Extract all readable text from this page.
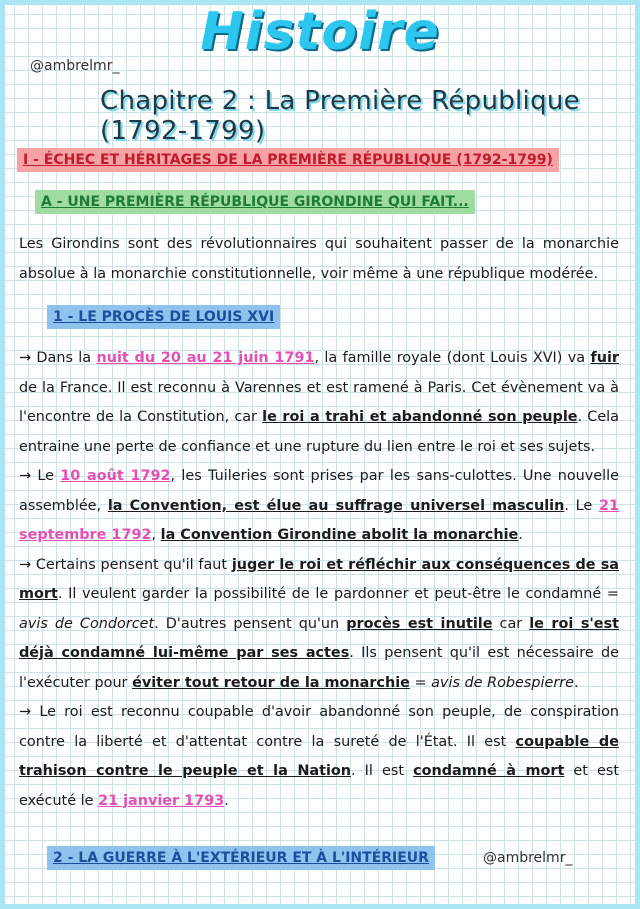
@ambrelmr_
Histoire
Chapitre 2 : La Première République (1792-1799)
I - ÉCHEC ET HÉRITAGES DE LA PREMIÈRE RÉPUBLIQUE (1792-1799)
A - UNE PREMIÈRE RÉPUBLIQUE GIRONDINE QUI FAIT...
Les Girondins sont des révolutionnaires qui souhaitent passer de la monarchie absolue à la monarchie constitutionnelle, voir même à une république modérée.
1 - LE PROCÈS DE LOUIS XVI
→ Dans la nuit du 20 au 21 juin 1791, la famille royale (dont Louis XVI) va fuir de la France. Il est reconnu à Varennes et est ramené à Paris. Cet évènement va à l'encontre de la Constitution, car le roi a trahi et abandonné son peuple. Cela entraine une perte de confiance et une rupture du lien entre le roi et ses sujets.
→ Le 10 août 1792, les Tuileries sont prises par les sans-culottes. Une nouvelle assemblée, la Convention, est élue au suffrage universel masculin. Le 21 septembre 1792, la Convention Girondine abolit la monarchie.
→ Certains pensent qu'il faut juger le roi et réfléchir aux conséquences de sa mort. Il veulent garder la possibilité de le pardonner et peut-être le condamné = avis de Condorcet. D'autres pensent qu'un procès est inutile car le roi s'est déjà condamné lui-même par ses actes. Ils pensent qu'il est nécessaire de l'exécuter pour éviter tout retour de la monarchie = avis de Robespierre.
→ Le roi est reconnu coupable d'avoir abandonné son peuple, de conspiration contre la liberté et d'attentat contre la sureté de l'État. Il est coupable de trahison contre le peuple et la Nation. Il est condamné à mort et est exécuté le 21 janvier 1793.
2 - LA GUERRE À L'EXTÉRIEUR ET À L'INTÉRIEUR	@ambrelmr_
